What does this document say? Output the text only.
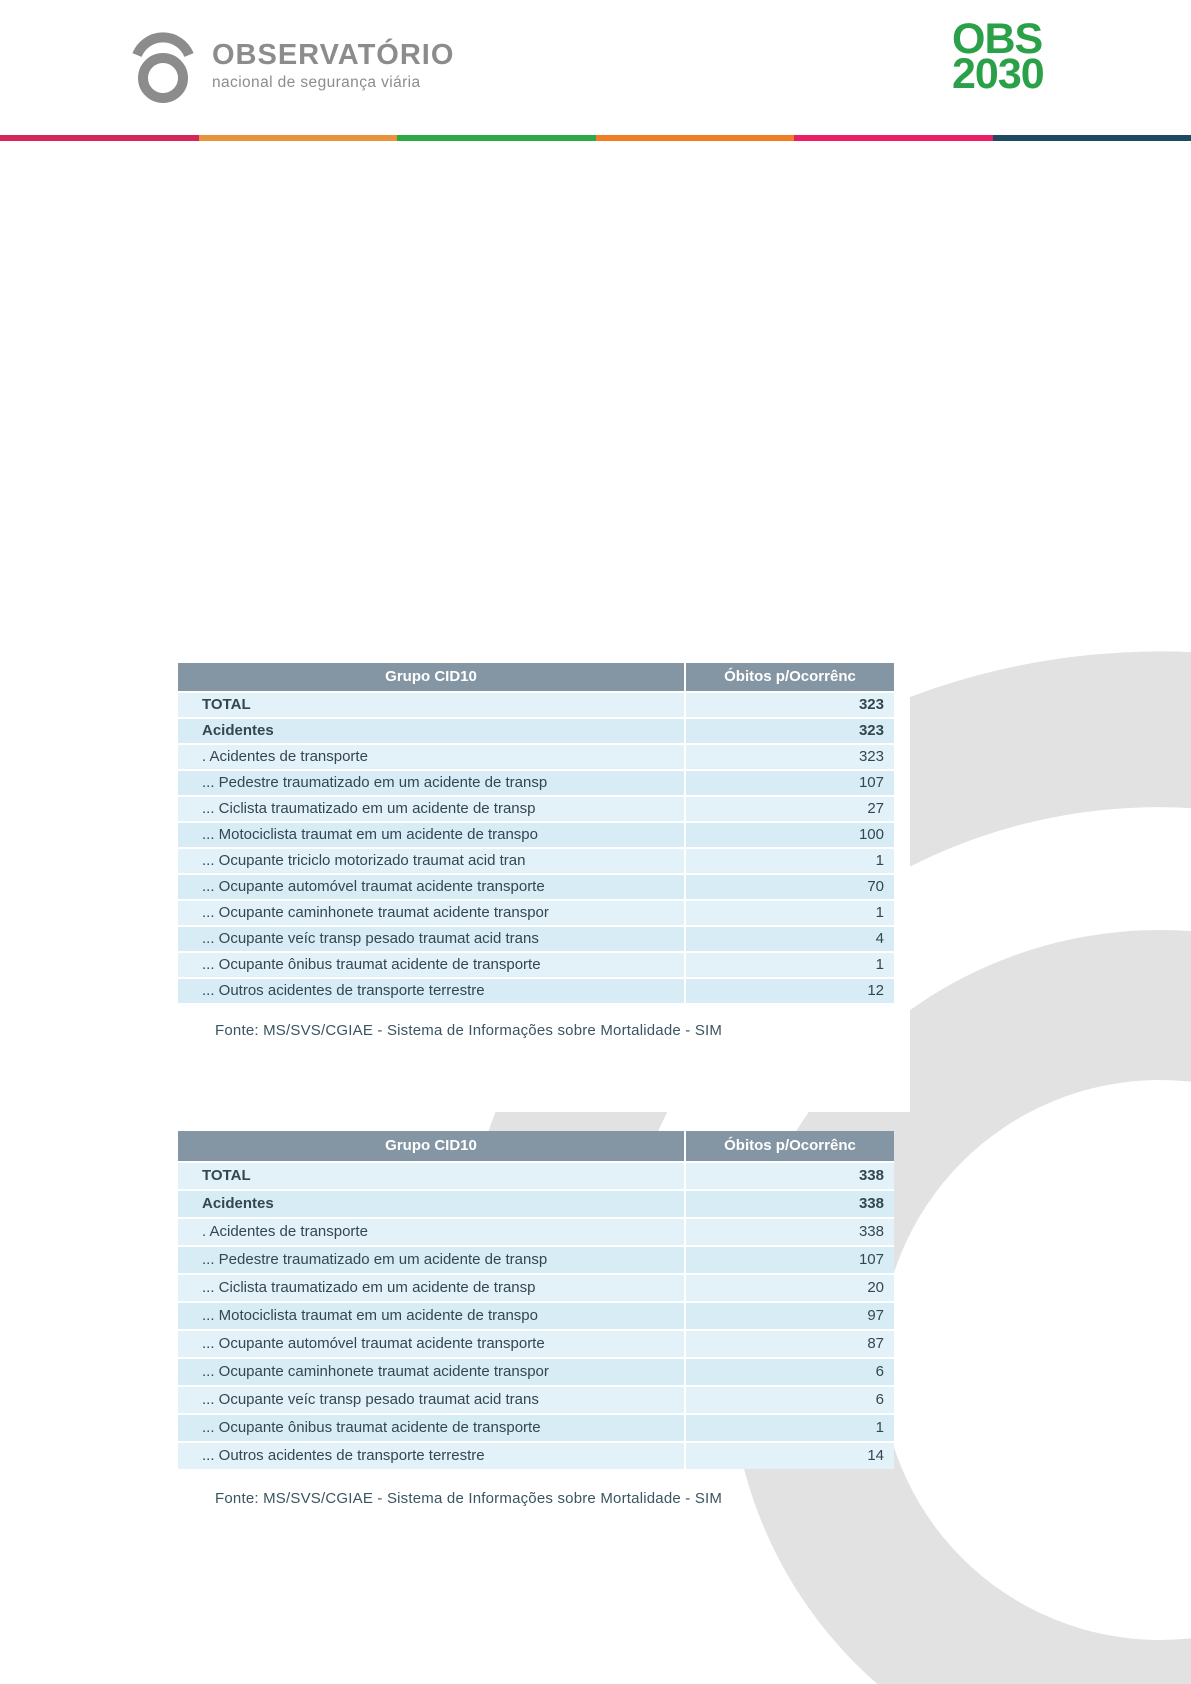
OBSERVATÓRIO
nacional de segurança viária
OBS
2030
Grupo CID10	Óbitos p/Ocorrênc
TOTAL	323
Acidentes	323
. Acidentes de transporte	323
... Pedestre traumatizado em um acidente de transp	107
... Ciclista traumatizado em um acidente de transp	27
... Motociclista traumat em um acidente de transpo	100
... Ocupante triciclo motorizado traumat acid tran	1
... Ocupante automóvel traumat acidente transporte	70
... Ocupante caminhonete traumat acidente transpor	1
... Ocupante veíc transp pesado traumat acid trans	4
... Ocupante ônibus traumat acidente de transporte	1
... Outros acidentes de transporte terrestre	12
Fonte: MS/SVS/CGIAE - Sistema de Informações sobre Mortalidade - SIM
Grupo CID10	Óbitos p/Ocorrênc
TOTAL	338
Acidentes	338
. Acidentes de transporte	338
... Pedestre traumatizado em um acidente de transp	107
... Ciclista traumatizado em um acidente de transp	20
... Motociclista traumat em um acidente de transpo	97
... Ocupante automóvel traumat acidente transporte	87
... Ocupante caminhonete traumat acidente transpor	6
... Ocupante veíc transp pesado traumat acid trans	6
... Ocupante ônibus traumat acidente de transporte	1
... Outros acidentes de transporte terrestre	14
Fonte: MS/SVS/CGIAE - Sistema de Informações sobre Mortalidade - SIM
